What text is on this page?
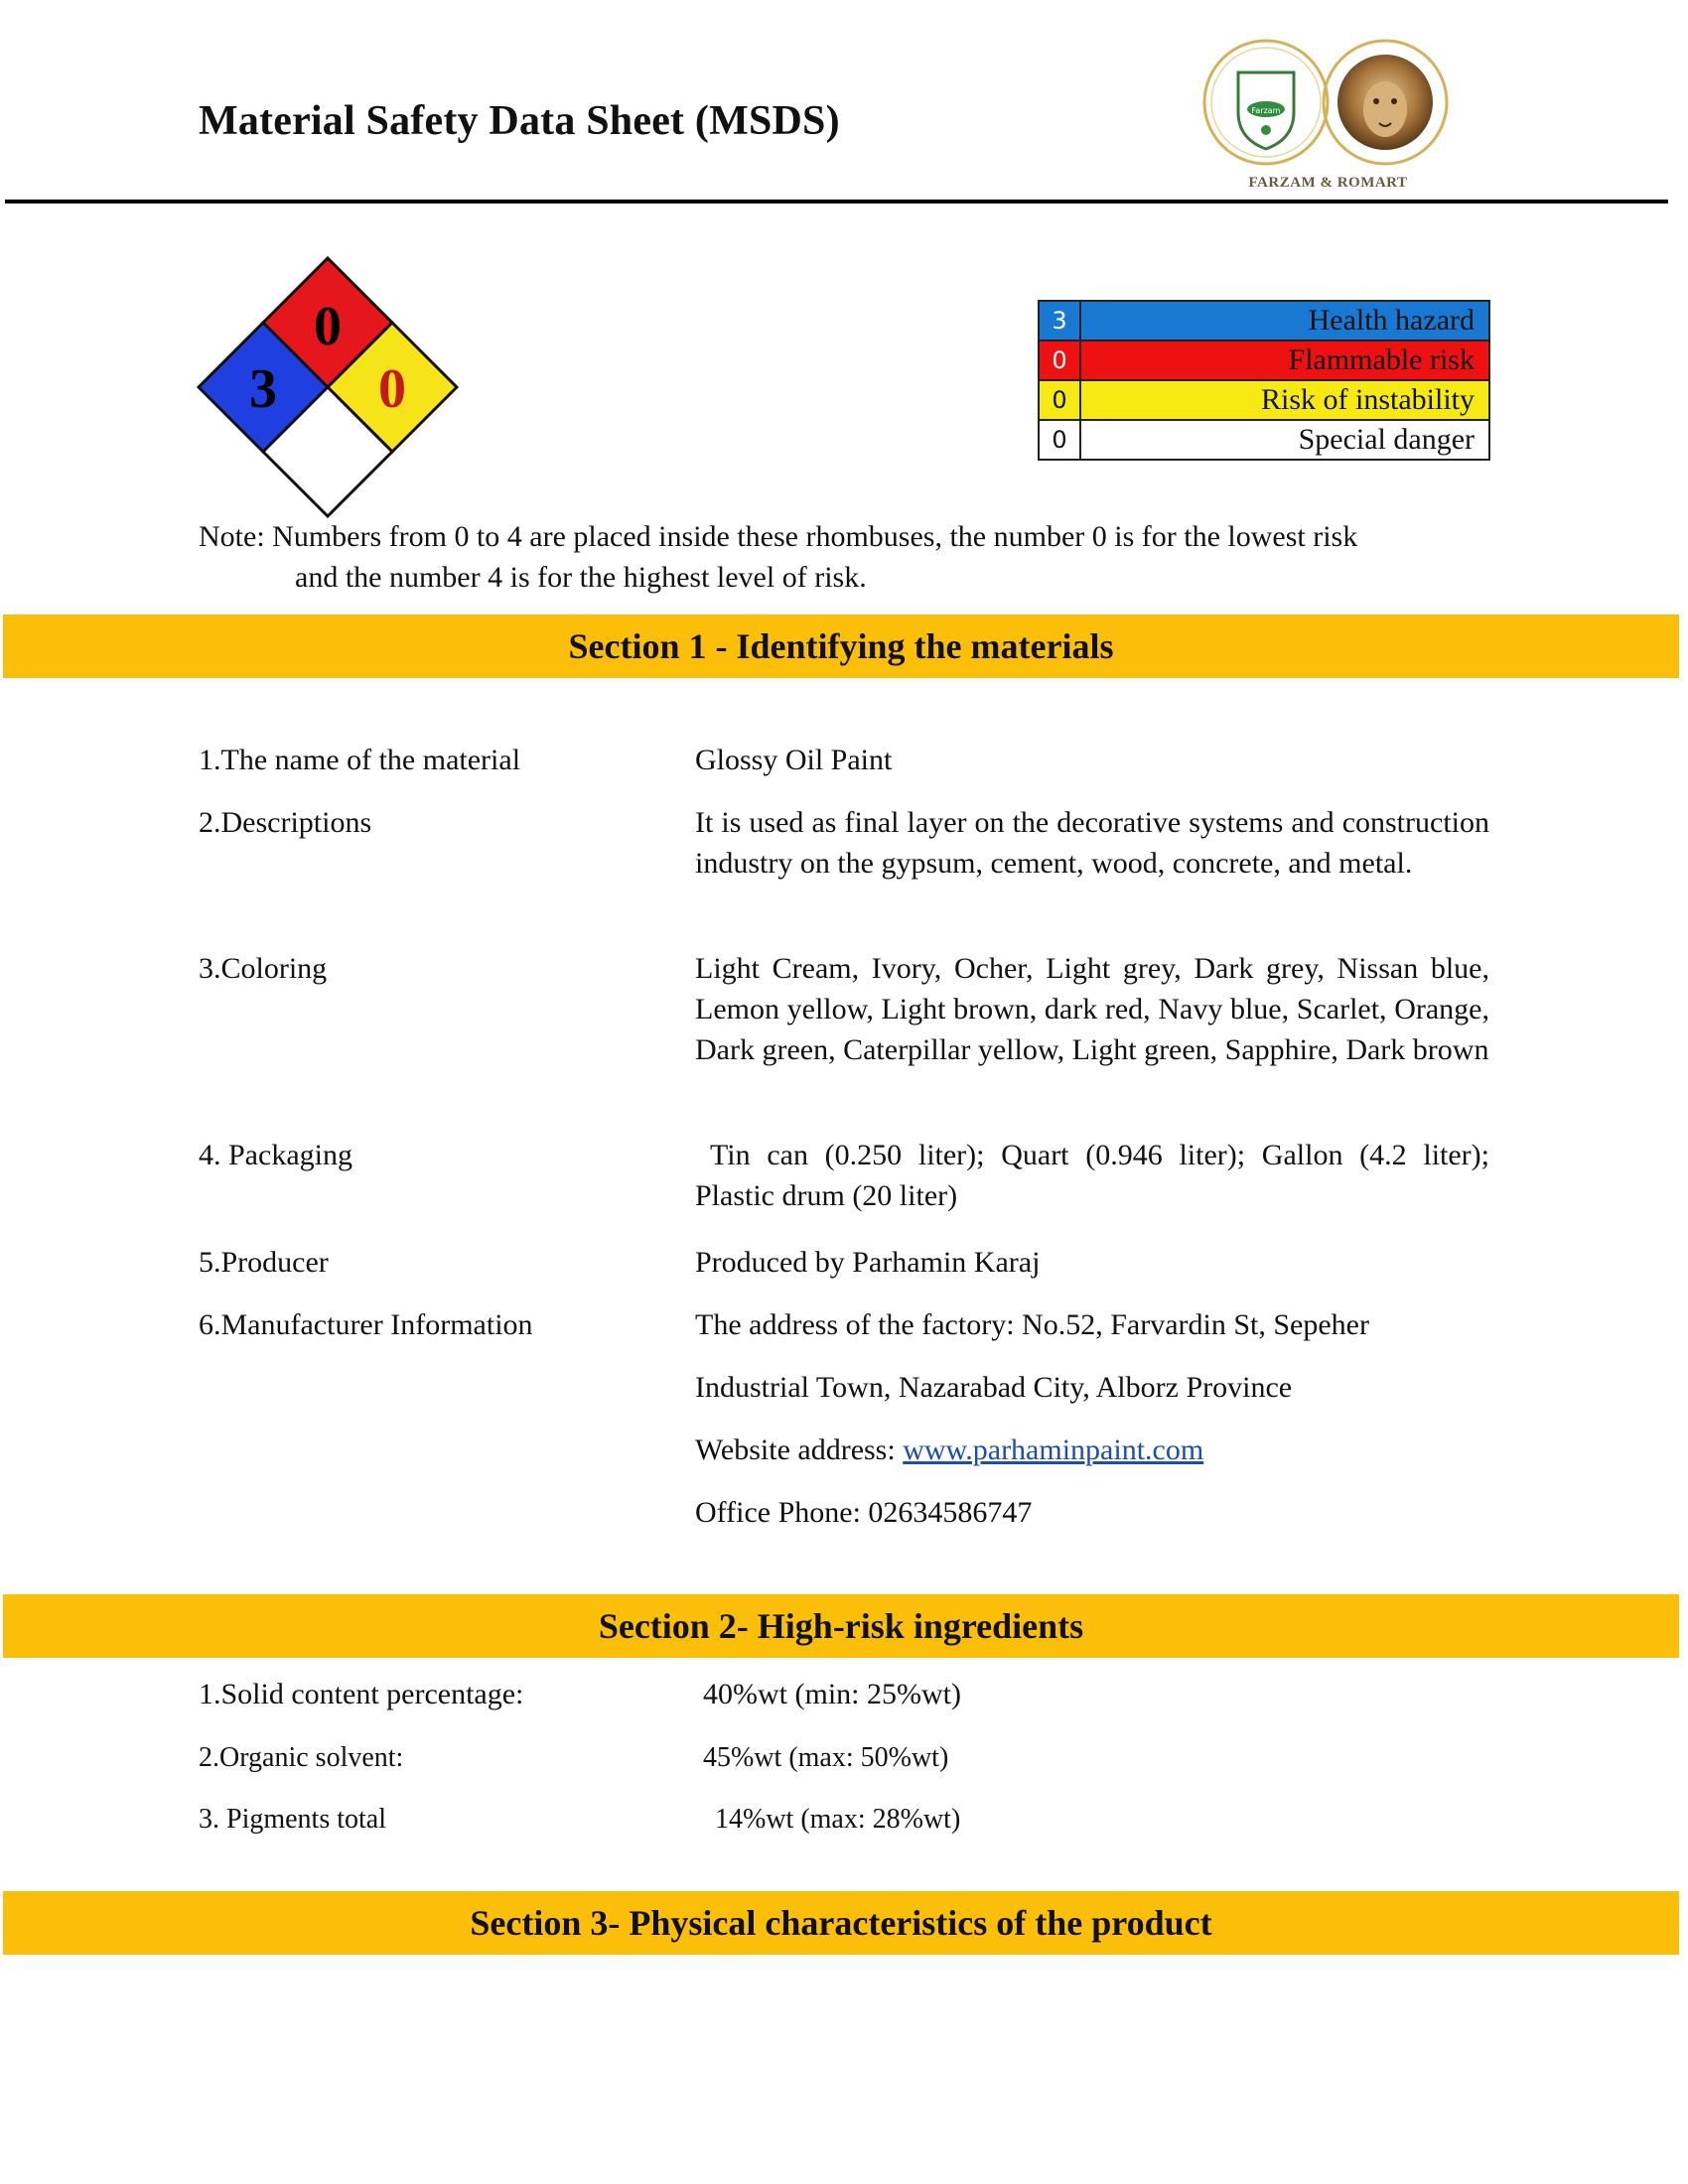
Material Safety Data Sheet (MSDS)	Farzam
FARZAM & ROMART
0
3 0
3	Health hazard
0	Flammable risk
0	Risk of instability
0	Special danger
Note: Numbers from 0 to 4 are placed inside these rhombuses, the number 0 is for the lowest risk
and the number 4 is for the highest level of risk.
Section 1 - Identifying the materials
1.The name of the material	Glossy Oil Paint
2.Descriptions	It is used as final layer on the decorative systems and construction industry on the gypsum, cement, wood, concrete, and metal.
3.Coloring	Light Cream, Ivory, Ocher, Light grey, Dark grey, Nissan blue, Lemon yellow, Light brown, dark red, Navy blue, Scarlet, Orange, Dark green, Caterpillar yellow, Light green, Sapphire, Dark brown
4. Packaging	Tin can (0.250 liter); Quart (0.946 liter); Gallon (4.2 liter); Plastic drum (20 liter)
5.Producer	Produced by Parhamin Karaj
6.Manufacturer Information	The address of the factory: No.52, Farvardin St, Sepeher
Industrial Town, Nazarabad City, Alborz Province
Website address: www.parhaminpaint.com
Office Phone: 02634586747
Section 2- High-risk ingredients
1.Solid content percentage:	40%wt (min: 25%wt)
2.Organic solvent:	45%wt (max: 50%wt)
3. Pigments total	14%wt (max: 28%wt)
Section 3- Physical characteristics of the product
